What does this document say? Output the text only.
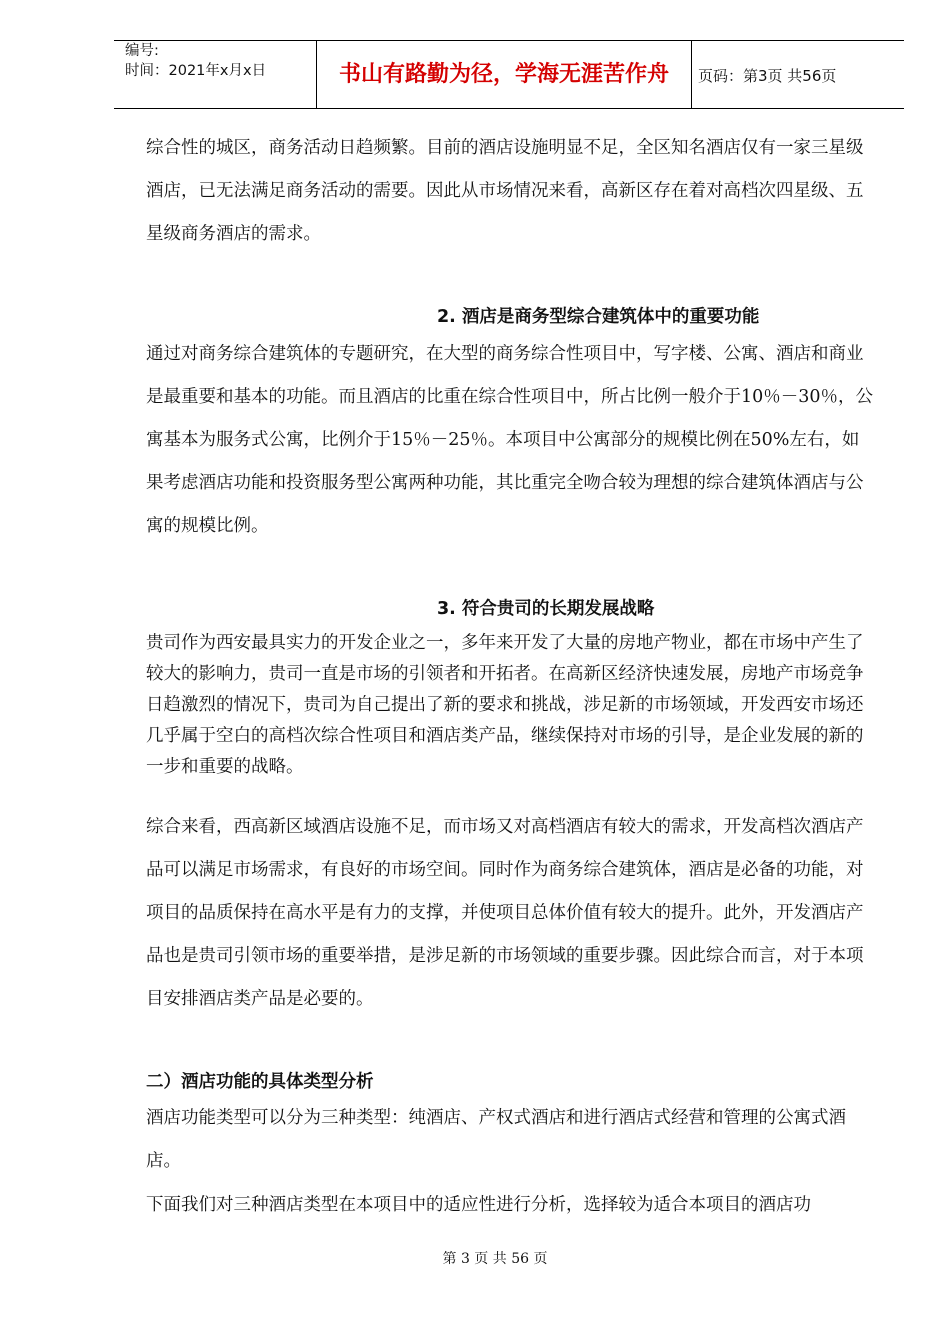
编号:
时间：2021年x月x日	书山有路勤为径，学海无涯苦作舟	页码：第3页 共56页

综合性的城区，商务活动日趋频繁。目前的酒店设施明显不足，全区知名酒店仅有一家三星级酒店，已无法满足商务活动的需要。因此从市场情况来看，高新区存在着对高档次四星级、五星级商务酒店的需求。

2. 酒店是商务型综合建筑体中的重要功能

通过对商务综合建筑体的专题研究，在大型的商务综合性项目中，写字楼、公寓、酒店和商业是最重要和基本的功能。而且酒店的比重在综合性项目中，所占比例一般介于10％－30％，公寓基本为服务式公寓，比例介于15％－25％。本项目中公寓部分的规模比例在50%左右，如果考虑酒店功能和投资服务型公寓两种功能，其比重完全吻合较为理想的综合建筑体酒店与公寓的规模比例。

3. 符合贵司的长期发展战略

贵司作为西安最具实力的开发企业之一，多年来开发了大量的房地产物业，都在市场中产生了较大的影响力，贵司一直是市场的引领者和开拓者。在高新区经济快速发展，房地产市场竞争日趋激烈的情况下，贵司为自己提出了新的要求和挑战，涉足新的市场领域，开发西安市场还几乎属于空白的高档次综合性项目和酒店类产品，继续保持对市场的引导，是企业发展的新的一步和重要的战略。

综合来看，西高新区域酒店设施不足，而市场又对高档酒店有较大的需求，开发高档次酒店产品可以满足市场需求，有良好的市场空间。同时作为商务综合建筑体，酒店是必备的功能，对项目的品质保持在高水平是有力的支撑，并使项目总体价值有较大的提升。此外，开发酒店产品也是贵司引领市场的重要举措，是涉足新的市场领域的重要步骤。因此综合而言，对于本项目安排酒店类产品是必要的。

二）酒店功能的具体类型分析

酒店功能类型可以分为三种类型：纯酒店、产权式酒店和进行酒店式经营和管理的公寓式酒店。

下面我们对三种酒店类型在本项目中的适应性进行分析，选择较为适合本项目的酒店功

第 3 页 共 56 页
